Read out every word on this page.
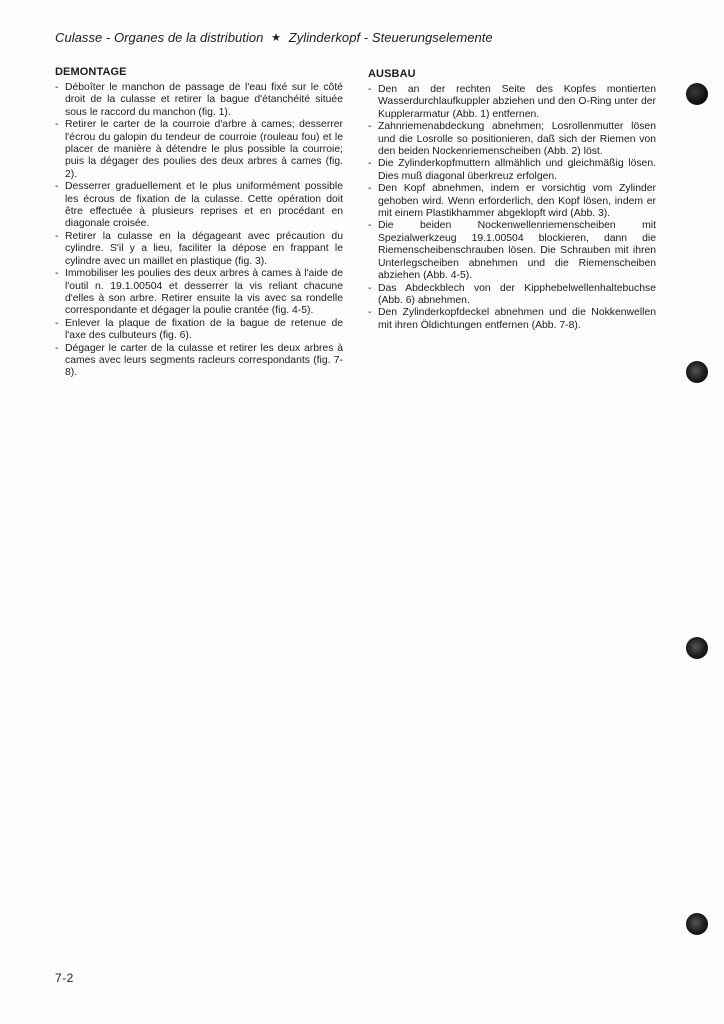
Culasse - Organes de la distribution ★ Zylinderkopf - Steuerungselemente
DEMONTAGE
- Déboîter le manchon de passage de l'eau fixé sur le côté droit de la culasse et retirer la bague d'étanchéité située sous le raccord du manchon (fig. 1).
- Retirer le carter de la courroie d'arbre à cames; desserrer l'écrou du galopin du tendeur de courroie (rouleau fou) et le placer de manière à détendre le plus possible la courroie; puis la dégager des poulies des deux arbres à cames (fig. 2).
- Desserrer graduellement et le plus uniformément possible les écrous de fixation de la culasse. Cette opération doit être effectuée à plusieurs reprises et en procédant en diagonale croisée.
- Retirer la culasse en la dégageant avec précaution du cylindre. S'il y a lieu, faciliter la dépose en frappant le cylindre avec un maillet en plastique (fig. 3).
- Immobiliser les poulies des deux arbres à cames à l'aide de l'outil n. 19.1.00504 et desserrer la vis reliant chacune d'elles à son arbre. Retirer ensuite la vis avec sa rondelle correspondante et dégager la poulie crantée (fig. 4-5).
- Enlever la plaque de fixation de la bague de retenue de l'axe des culbuteurs (fig. 6).
- Dégager le carter de la culasse et retirer les deux arbres à cames avec leurs segments racleurs correspondants (fig. 7-8).
AUSBAU
- Den an der rechten Seite des Kopfes montierten Wasserdurchlaufkuppler abziehen und den O-Ring unter der Kupplerarmatur (Abb. 1) entfernen.
- Zahnriemenabdeckung abnehmen; Losrollenmutter lösen und die Losrolle so positionieren, daß sich der Riemen von den beiden Nockenriemenscheiben (Abb. 2) löst.
- Die Zylinderkopfmuttern allmählich und gleichmäßig lösen. Dies muß diagonal überkreuz erfolgen.
- Den Kopf abnehmen, indem er vorsichtig vom Zylinder gehoben wird. Wenn erforderlich, den Kopf lösen, indem er mit einem Plastikhammer abgeklopft wird (Abb. 3).
- Die beiden Nockenwellenriemenscheiben mit Spezialwerkzeug 19.1.00504 blockieren, dann die Riemenscheibenschrauben lösen. Die Schrauben mit ihren Unterlegscheiben abnehmen und die Riemenscheiben abziehen (Abb. 4-5).
- Das Abdeckblech von der Kipphebelwellenhaltebuchse (Abb. 6) abnehmen.
- Den Zylinderkopfdeckel abnehmen und die Nokkenwellen mit ihren Öldichtungen entfernen (Abb. 7-8).
7-2
